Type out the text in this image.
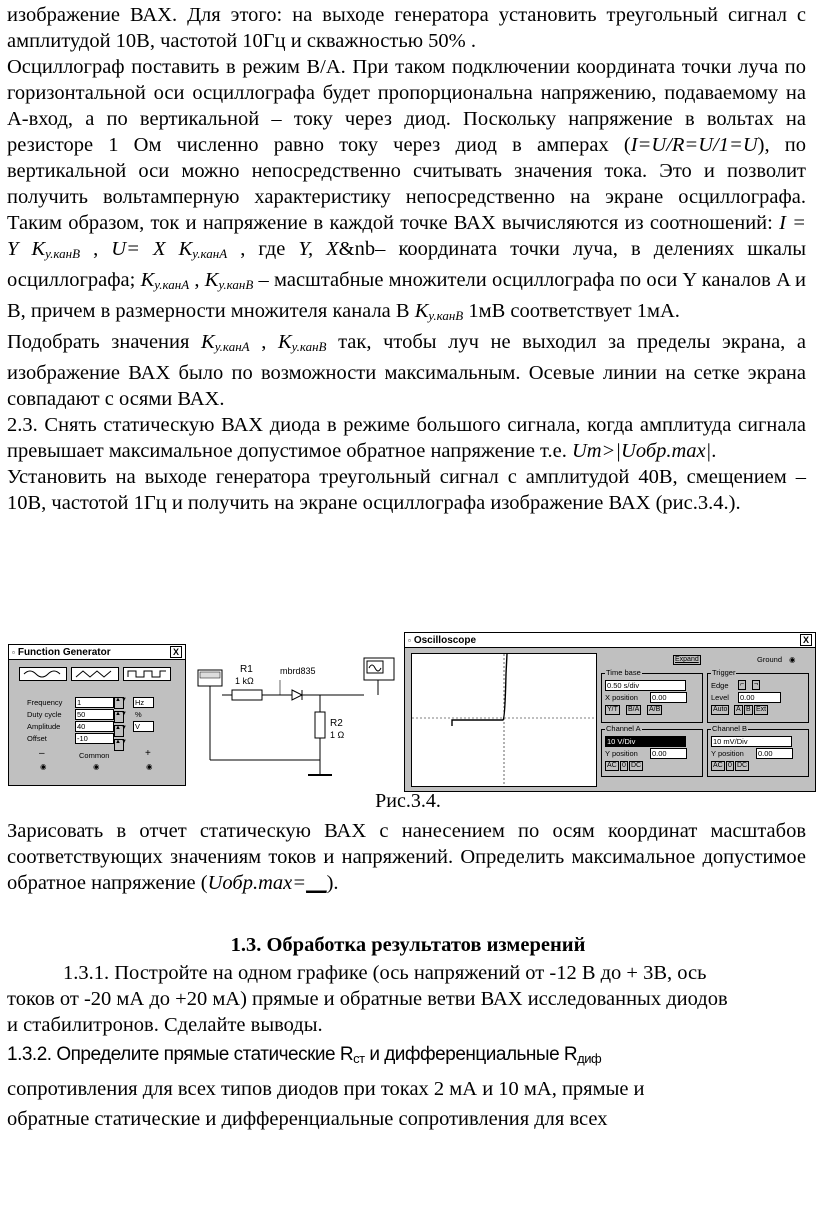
изображение ВАХ. Для этого: на выходе генератора установить треугольный сигнал с амплитудой 10В, частотой 10Гц и скважностью 50% .

Осциллограф поставить в режим В/А. При таком подключении координата точки луча по горизонтальной оси осциллографа будет пропорциональна напряжению, подаваемому на А-вход, а по вертикальной – току через диод. Поскольку напряжение в вольтах на резисторе 1 Ом численно равно току через диод в амперах (I=U/R=U/1=U), по вертикальной оси можно непосредственно считывать значения тока. Это и позволит получить вольтамперную характеристику непосредственно на экране осциллографа. Таким образом, ток и напряжение в каждой точке ВАХ вычисляются из соотношений: I = Y $K_{у.канВ}$ , U= X $K_{у.канА}$ , где Y, X&nb– координата точки луча, в делениях шкалы осциллографа; $K_{у.канА}$ , $K_{у.канВ}$ – масштабные множители осциллографа по оси Y каналов A и B, причем в размерности множителя канала В $K_{у.канВ}$ 1мВ соответствует 1мА.

Подобрать значения $K_{у.канА}$ , $K_{у.канВ}$ так, чтобы луч не выходил за пределы экрана, а изображение ВАХ было по возможности максимальным. Осевые линии на сетке экрана совпадают с осями ВАХ.

2.3. Снять статическую ВАХ диода в режиме большого сигнала, когда амплитуда сигнала превышает максимальное допустимое обратное напряжение т.е. Um>|Uобр.max|.

Установить на выходе генератора треугольный сигнал с амплитудой 40В, смещением –10В, частотой 1Гц и получить на экране осциллографа изображение ВАХ (рис.3.4.).

▫ Function Generator	X
Frequency 1	Hz
Duty cycle 50	%
Amplitude 40	V
Offset	-10
▲▼
▲▼
▲▼
▲▼
–	Common	+
◉	◉	◉
R1
1 kΩ
mbrd835
R2
1 Ω
▫ Oscilloscope	X
Expand	Ground ◉
Time base
0.50 s/div
X position 0.00
Y/T B/A A/B
Trigger
Edge ⌐ ¬
Level 0.00
Auto A B Ext
Channel A
10 V/Div
Y position 0.00
AC 0 DC
Channel B
10 mV/Div
Y position 0.00
AC 0 DC
Рис.3.4.

Зарисовать в отчет статическую ВАХ с нанесением по осям координат масштабов соответствующих значениям токов и напряжений. Определить максимальное допустимое обратное напряжение (Uобр.max=__).

1.3. Обработка результатов измерений

1.3.1. Постройте на одном графике (ось напряжений от -12 В до + 3В, ось

токов от -20 мА до +20 мА) прямые и обратные ветви ВАХ исследованных диодов

и стабилитронов. Сделайте выводы.

1.3.2. Определите прямые статические $R_{ст}$ и дифференциальные $R_{диф}$

сопротивления для всех типов диодов при токах 2 мА и 10 мА, прямые и

обратные статические и дифференциальные сопротивления для всех
